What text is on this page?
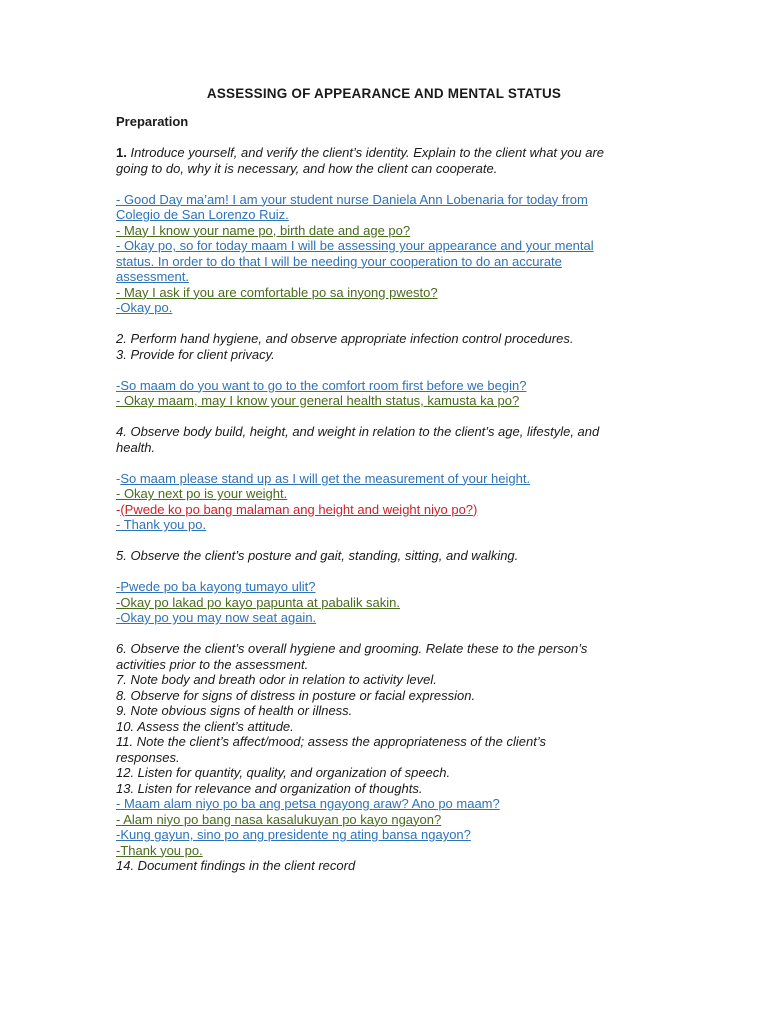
ASSESSING OF APPEARANCE AND MENTAL STATUS
Preparation
1. Introduce yourself, and verify the client’s identity. Explain to the client what you are
going to do, why it is necessary, and how the client can cooperate.
- Good Day ma’am! I am your student nurse Daniela Ann Lobenaria for today from
Colegio de San Lorenzo Ruiz.
- May I know your name po, birth date and age po?
- Okay po, so for today maam I will be assessing your appearance and your mental
status. In order to do that I will be needing your cooperation to do an accurate
assessment.
- May I ask if you are comfortable po sa inyong pwesto?
-Okay po.
2. Perform hand hygiene, and observe appropriate infection control procedures.
3. Provide for client privacy.
-So maam do you want to go to the comfort room first before we begin?
- Okay maam, may I know your general health status, kamusta ka po?
4. Observe body build, height, and weight in relation to the client’s age, lifestyle, and
health.
-So maam please stand up as I will get the measurement of your height.
- Okay next po is your weight.
-(Pwede ko po bang malaman ang height and weight niyo po?)
- Thank you po.
5. Observe the client’s posture and gait, standing, sitting, and walking.
-Pwede po ba kayong tumayo ulit?
-Okay po lakad po kayo papunta at pabalik sakin.
-Okay po you may now seat again.
6. Observe the client’s overall hygiene and grooming. Relate these to the person’s
activities prior to the assessment.
7. Note body and breath odor in relation to activity level.
8. Observe for signs of distress in posture or facial expression.
9. Note obvious signs of health or illness.
10. Assess the client’s attitude.
11. Note the client’s affect/mood; assess the appropriateness of the client’s
responses.
12. Listen for quantity, quality, and organization of speech.
13. Listen for relevance and organization of thoughts.
- Maam alam niyo po ba ang petsa ngayong araw? Ano po maam?
- Alam niyo po bang nasa kasalukuyan po kayo ngayon?
-Kung gayun, sino po ang presidente ng ating bansa ngayon?
-Thank you po.
14. Document findings in the client record
